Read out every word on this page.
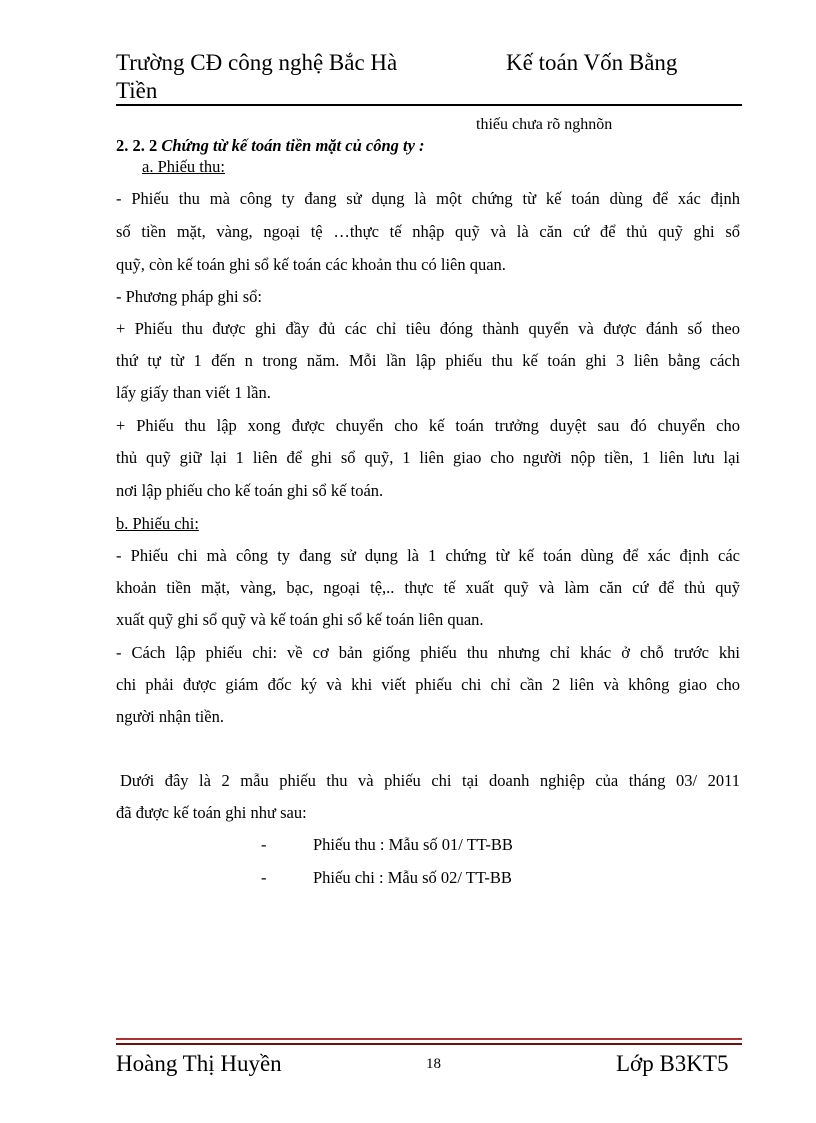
Trường CĐ công nghệ Bắc Hà
Tiền
Kế toán Vốn Bằng
thiếu chưa rõ nghnõn
2. 2. 2 Chứng từ kế toán tiền mặt củ công ty :
a. Phiếu thu:
- Phiếu thu mà công ty đang sử dụng là một chứng từ kế toán dùng để xác định
số tiền mặt, vàng, ngoại tệ …thực tế nhập quỹ và là căn cứ để thủ quỹ ghi sổ
quỹ, còn kế toán ghi sổ kế toán các khoản thu có liên quan.
- Phương pháp ghi sổ:
+ Phiếu thu được ghi đầy đủ các chỉ tiêu đóng thành quyển và được đánh số theo
thứ tự từ 1 đến n trong năm. Mỗi lần lập phiếu thu kế toán ghi 3 liên bằng cách
lấy giấy than viết 1 lần.
+ Phiếu thu lập xong được chuyển cho kế toán trưởng duyệt sau đó chuyển cho
thủ quỹ giữ lại 1 liên để ghi sổ quỹ, 1 liên giao cho người nộp tiền, 1 liên lưu lại
nơi lập phiếu cho kế toán ghi sổ kế toán.
b. Phiếu chi:
- Phiếu chi mà công ty đang sử dụng là 1 chứng từ kế toán dùng để xác định các
khoản tiền mặt, vàng, bạc, ngoại tệ,.. thực tế xuất quỹ và làm căn cứ để thủ quỹ
xuất quỹ ghi sổ quỹ và kế toán ghi sổ kế toán liên quan.
- Cách lập phiếu chi: về cơ bản giống phiếu thu nhưng chỉ khác ở chỗ trước khi
chi phải được giám đốc ký và khi viết phiếu chi chỉ cần 2 liên và không giao cho
người nhận tiền.
Dưới đây là 2 mẫu phiếu thu và phiếu chi tại doanh nghiệp của tháng 03/ 2011
đã được kế toán ghi như sau:
-	Phiếu thu : Mẫu số 01/ TT-BB
-	Phiếu chi : Mẫu số 02/ TT-BB
Hoàng Thị Huyền	18	Lớp B3KT5
